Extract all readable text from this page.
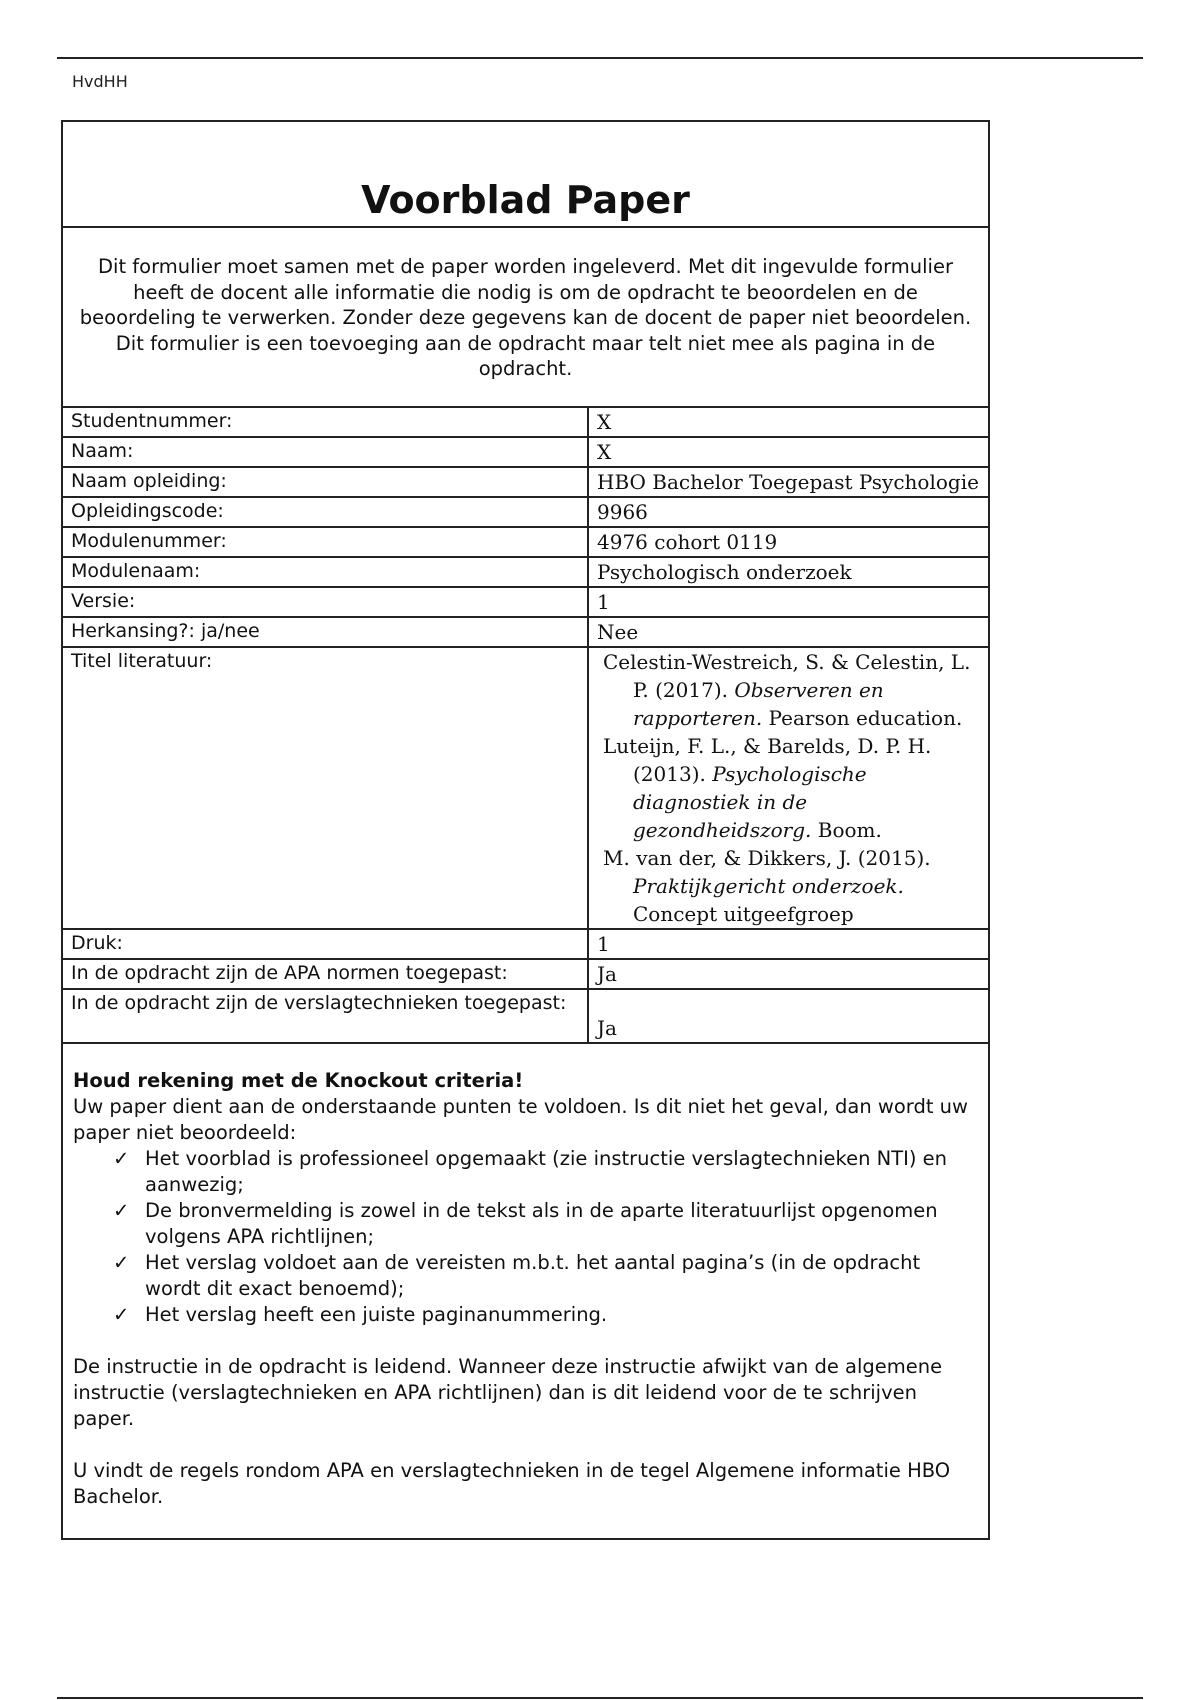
HvdHH
Voorblad Paper
Dit formulier moet samen met de paper worden ingeleverd. Met dit ingevulde formulier heeft de docent alle informatie die nodig is om de opdracht te beoordelen en de beoordeling te verwerken. Zonder deze gegevens kan de docent de paper niet beoordelen. Dit formulier is een toevoeging aan de opdracht maar telt niet mee als pagina in de opdracht.
Studentnummer:	X
Naam:	X
Naam opleiding:	HBO Bachelor Toegepast Psychologie
Opleidingscode:	9966
Modulenummer:	4976 cohort 0119
Modulenaam:	Psychologisch onderzoek
Versie:	1
Herkansing?: ja/nee	Nee
Titel literatuur:	Celestin-Westreich, S. & Celestin, L. P. (2017). Observeren en rapporteren. Pearson education.
Luteijn, F. L., & Barelds, D. P. H. (2013). Psychologische diagnostiek in de gezondheidszorg. Boom.
M. van der, & Dikkers, J. (2015). Praktijkgericht onderzoek. Concept uitgeefgroep

Druk:	1
In de opdracht zijn de APA normen toegepast:	Ja
In de opdracht zijn de verslagtechnieken toegepast:	Ja
Houd rekening met de Knockout criteria!

Uw paper dient aan de onderstaande punten te voldoen. Is dit niet het geval, dan wordt uw paper niet beoordeeld:

✓ Het voorblad is professioneel opgemaakt (zie instructie verslagtechnieken NTI) en aanwezig;
✓ De bronvermelding is zowel in de tekst als in de aparte literatuurlijst opgenomen volgens APA richtlijnen;
✓ Het verslag voldoet aan de vereisten m.b.t. het aantal pagina’s (in de opdracht wordt dit exact benoemd);
✓ Het verslag heeft een juiste paginanummering.

De instructie in de opdracht is leidend. Wanneer deze instructie afwijkt van de algemene instructie (verslagtechnieken en APA richtlijnen) dan is dit leidend voor de te schrijven paper.

U vindt de regels rondom APA en verslagtechnieken in de tegel Algemene informatie HBO Bachelor.
